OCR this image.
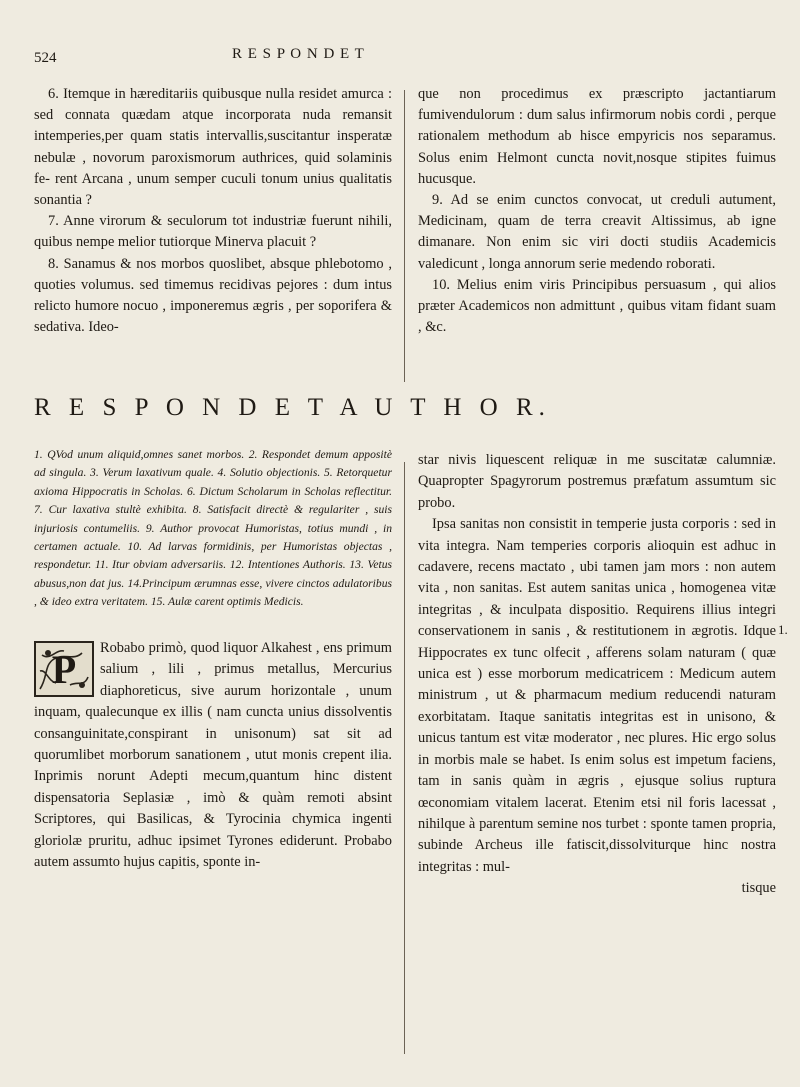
524	R E S P O N D E T

6. Itemque in hæreditariis quibusque nulla residet amurca : sed connata quædam atque incorporata nuda remansit intemperies,per quam statis intervallis,suscitantur insperatæ nebulæ , novorum paroxismorum authrices, quid solaminis fe- rent Arcana , unum semper cuculi tonum unius qualitatis sonantia ?

7. Anne virorum & seculorum tot industriæ fuerunt nihili, quibus nempe melior tutiorque Minerva placuit ?

8. Sanamus & nos morbos quoslibet, absque phlebotomo , quoties volumus. sed timemus recidivas pejores : dum intus relicto humore nocuo , imponeremus ægris , per soporifera & sedativa. Ideo-

que non procedimus ex præscripto jactantiarum fumivendulorum : dum salus infirmorum nobis cordi , perque rationalem methodum ab hisce empyricis nos separamus. Solus enim Helmont cuncta novit,nosque stipites fuimus hucusque.

9. Ad se enim cunctos convocat, ut creduli autument, Medicinam, quam de terra creavit Altissimus, ab igne dimanare. Non enim sic viri docti studiis Academicis valedicunt , longa annorum serie medendo roborati.

10. Melius enim viris Principibus persuasum , qui alios præter Academicos non admittunt , quibus vitam fidant suam , &c.

R E S P O N D E T A U T H O R.
1. QVod unum aliquid,omnes sanet morbos. 2. Respondet demum appositè ad singula. 3. Verum laxativum quale. 4. Solutio objectionis. 5. Retorquetur axioma Hippocratis in Scholas. 6. Dictum Scholarum in Scholas reflectitur. 7. Cur laxativa stultè exhibita. 8. Satisfacit directè & regulariter , suis injuriosis contumeliis. 9. Author provocat Humoristas, totius mundi , in certamen actuale. 10. Ad larvas formidinis, per Humoristas objectas , respondetur. 11. Itur obviam adversariis. 12. Intentiones Authoris. 13. Vetus abusus,non dat jus. 14.Principum ærumnas esse, vivere cinctos adulatoribus , & ideo extra veritatem. 15. Aulæ carent optimis Medicis.
P Robabo primò, quod liquor Alkahest , ens primum salium , lili , primus metallus, Mercurius diaphoreticus, sive aurum horizontale , unum inquam, qualecunque ex illis ( nam cuncta unius dissolventis consanguinitate,conspirant in unisonum) sat sit ad quorumlibet morborum sanationem , utut monis crepent ilia. Inprimis norunt Adepti mecum,quantum hinc distent dispensatoria Seplasiæ , imò & quàm remoti absint Scriptores, qui Basilicas, & Tyrocinia chymica ingenti gloriolæ pruritu, adhuc ipsimet Tyrones ediderunt. Probabo autem assumto hujus capitis, sponte in-

star nivis liquescent reliquæ in me suscitatæ calumniæ. Quapropter Spagyrorum postremus præfatum assumtum sic probo.

Ipsa sanitas non consistit in temperie justa corporis : sed in vita integra. Nam temperies corporis alioquin est adhuc in cadavere, recens mactato , ubi tamen jam mors : non autem vita , non sanitas. Est autem sanitas unica , homogenea vitæ integritas , & inculpata dispositio. Requirens illius integri conservationem in sanis , & restitutionem in ægrotis. Idque Hippocrates ex tunc olfecit , afferens solam naturam ( quæ unica est ) esse morborum medicatricem : Medicum autem ministrum , ut & pharmacum medium reducendi naturam exorbitatam. Itaque sanitatis integritas est in unisono, & unicus tantum est vitæ moderator , nec plures. Hic ergo solus in morbis male se habet. Is enim solus est impetum faciens, tam in sanis quàm in ægris , ejusque solius ruptura œconomiam vitalem lacerat. Etenim etsi nil foris lacessat , nihilque à parentum semine nos turbet : sponte tamen propria, subinde Archeus ille fatiscit,dissolviturque hinc nostra integritas : mul-

tisque
1.
